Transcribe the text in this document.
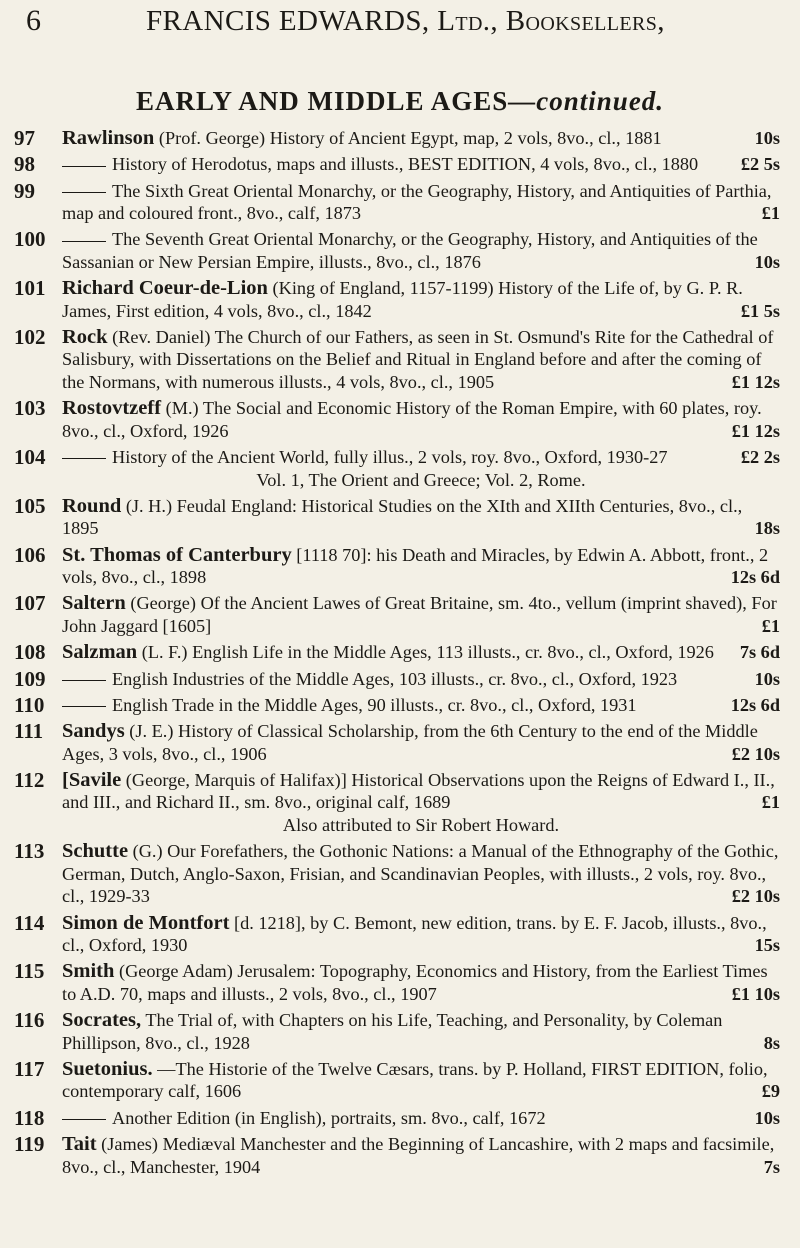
6	FRANCIS EDWARDS, Ltd., Booksellers,
EARLY AND MIDDLE AGES—continued.
97	Rawlinson (Prof. George) History of Ancient Egypt, map, 2 vols, 8vo., cl., 1881	10s
98	History of Herodotus, maps and illusts., BEST EDITION, 4 vols, 8vo., cl., 1880 £2 5s
99	The Sixth Great Oriental Monarchy, or the Geography, History, and Antiquities of Parthia, map and coloured front., 8vo., calf, 1873	£1
100	The Seventh Great Oriental Monarchy, or the Geography, History, and Antiquities of the Sassanian or New Persian Empire, illusts., 8vo., cl., 1876	10s
101 Richard Coeur-de-Lion (King of England, 1157-1199) History of the Life of, by G. P. R. James, First edition, 4 vols, 8vo., cl., 1842	£1 5s
102 Rock (Rev. Daniel) The Church of our Fathers, as seen in St. Osmund's Rite for the Cathedral of Salisbury, with Dissertations on the Belief and Ritual in England before and after the coming of the Normans, with numerous illusts., 4 vols, 8vo., cl., 1905	£1 12s
103 Rostovtzeff (M.) The Social and Economic History of the Roman Empire, with 60 plates, roy. 8vo., cl., Oxford, 1926	£1 12s
104	History of the Ancient World, fully illus., 2 vols, roy. 8vo., Oxford, 1930-27	£2 2s
Vol. 1, The Orient and Greece; Vol. 2, Rome.
105 Round (J. H.) Feudal England: Historical Studies on the XIth and XIIth Centuries, 8vo., cl., 1895	18s
106 St. Thomas of Canterbury [1118 70]: his Death and Miracles, by Edwin A. Abbott, front., 2 vols, 8vo., cl., 1898	12s 6d
107 Saltern (George) Of the Ancient Lawes of Great Britaine, sm. 4to., vellum (imprint shaved), For John Jaggard [1605]	£1
108 Salzman (L. F.) English Life in the Middle Ages, 113 illusts., cr. 8vo., cl., Oxford, 1926 7s 6d
109	English Industries of the Middle Ages, 103 illusts., cr. 8vo., cl., Oxford, 1923	10s
110	English Trade in the Middle Ages, 90 illusts., cr. 8vo., cl., Oxford, 1931	12s 6d
111 Sandys (J. E.) History of Classical Scholarship, from the 6th Century to the end of the Middle Ages, 3 vols, 8vo., cl., 1906	£2 10s
112 [Savile (George, Marquis of Halifax)] Historical Observations upon the Reigns of Edward I., II., and III., and Richard II., sm. 8vo., original calf, 1689	£1
Also attributed to Sir Robert Howard.
113 Schutte (G.) Our Forefathers, the Gothonic Nations: a Manual of the Ethnography of the Gothic, German, Dutch, Anglo-Saxon, Frisian, and Scandinavian Peoples, with illusts., 2 vols, roy. 8vo., cl., 1929-33	£2 10s
114 Simon de Montfort [d. 1218], by C. Bemont, new edition, trans. by E. F. Jacob, illusts., 8vo., cl., Oxford, 1930	15s
115 Smith (George Adam) Jerusalem: Topography, Economics and History, from the Earliest Times to A.D. 70, maps and illusts., 2 vols, 8vo., cl., 1907	£1 10s
116 Socrates, The Trial of, with Chapters on his Life, Teaching, and Personality, by Coleman Phillipson, 8vo., cl., 1928	8s
117 Suetonius. —The Historie of the Twelve Cæsars, trans. by P. Holland, FIRST EDITION, folio, contemporary calf, 1606	£9
118	Another Edition (in English), portraits, sm. 8vo., calf, 1672	10s
119 Tait (James) Mediæval Manchester and the Beginning of Lancashire, with 2 maps and facsimile, 8vo., cl., Manchester, 1904	7s
